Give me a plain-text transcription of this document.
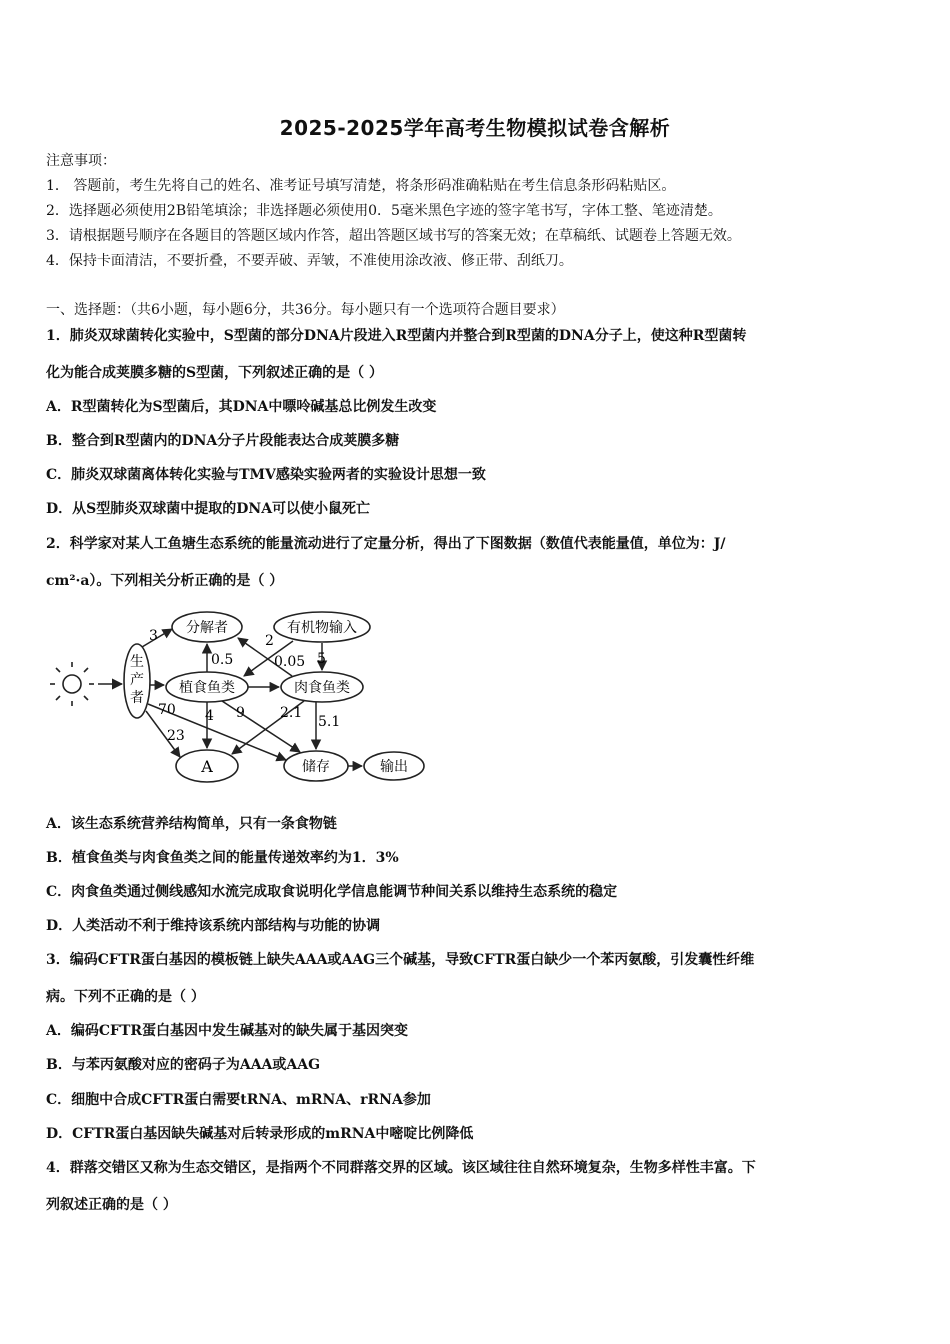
2025-2025学年高考生物模拟试卷含解析
注意事项：
1． 答题前，考生先将自己的姓名、准考证号填写清楚，将条形码准确粘贴在考生信息条形码粘贴区。
2．选择题必须使用2B铅笔填涂；非选择题必须使用0．5毫米黑色字迹的签字笔书写，字体工整、笔迹清楚。
3．请根据题号顺序在各题目的答题区域内作答，超出答题区域书写的答案无效；在草稿纸、试题卷上答题无效。
4．保持卡面清洁，不要折叠，不要弄破、弄皱，不准使用涂改液、修正带、刮纸刀。
一、选择题：（共6小题，每小题6分，共36分。每小题只有一个选项符合题目要求）
1．肺炎双球菌转化实验中，S型菌的部分DNA片段进入R型菌内并整合到R型菌的DNA分子上，使这种R型菌转
化为能合成荚膜多糖的S型菌，下列叙述正确的是（ ）
A．R型菌转化为S型菌后，其DNA中嘌呤碱基总比例发生改变
B．整合到R型菌内的DNA分子片段能表达合成荚膜多糖
C．肺炎双球菌离体转化实验与TMV感染实验两者的实验设计思想一致
D．从S型肺炎双球菌中提取的DNA可以使小鼠死亡
2．科学家对某人工鱼塘生态系统的能量流动进行了定量分析，得出了下图数据（数值代表能量值，单位为：J/
cm²·a）。下列相关分析正确的是（ ）
生
产
者
分解者	有机物输入
植食鱼类	肉食鱼类
A	储存	输出
3	2
0.5	0.05 5
70
23
4 9	2.1
5.1
A．该生态系统营养结构简单，只有一条食物链
B．植食鱼类与肉食鱼类之间的能量传递效率约为1．3%
C．肉食鱼类通过侧线感知水流完成取食说明化学信息能调节种间关系以维持生态系统的稳定
D．人类活动不利于维持该系统内部结构与功能的协调
3．编码CFTR蛋白基因的模板链上缺失AAA或AAG三个碱基，导致CFTR蛋白缺少一个苯丙氨酸，引发囊性纤维
病。下列不正确的是（ ）
A．编码CFTR蛋白基因中发生碱基对的缺失属于基因突变
B．与苯丙氨酸对应的密码子为AAA或AAG
C．细胞中合成CFTR蛋白需要tRNA、mRNA、rRNA参加
D．CFTR蛋白基因缺失碱基对后转录形成的mRNA中嘧啶比例降低
4．群落交错区又称为生态交错区，是指两个不同群落交界的区域。该区域往往自然环境复杂，生物多样性丰富。下
列叙述正确的是（ ）
